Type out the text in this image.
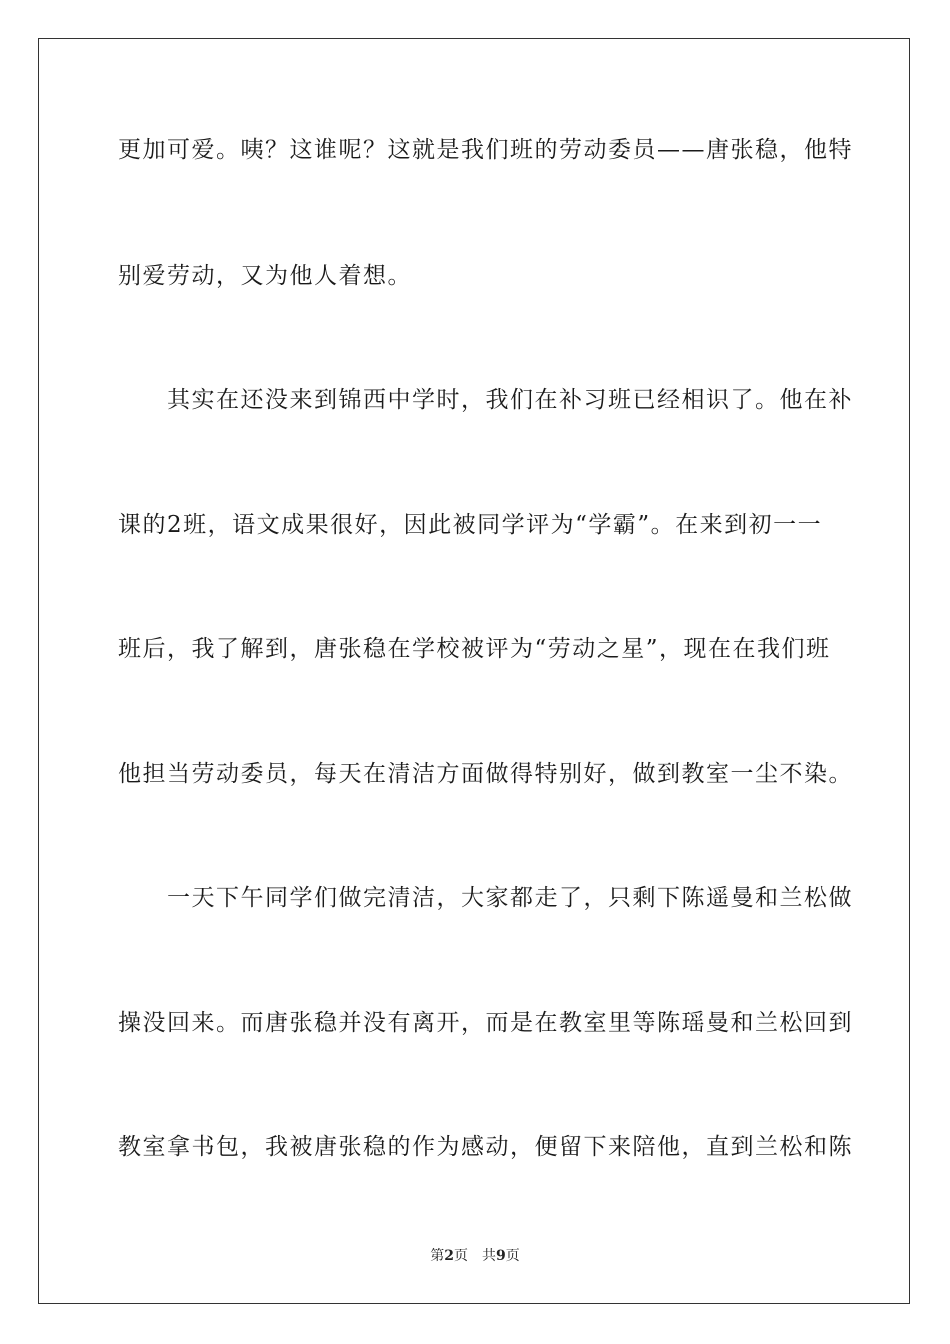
更加可爱。咦？这谁呢？这就是我们班的劳动委员——唐张稳，他特
别爱劳动，又为他人着想。
　　其实在还没来到锦西中学时，我们在补习班已经相识了。他在补
课的2班，语文成果很好，因此被同学评为“学霸”。在来到初一一
班后，我了解到，唐张稳在学校被评为“劳动之星”，现在在我们班
他担当劳动委员，每天在清洁方面做得特别好，做到教室一尘不染。
　　一天下午同学们做完清洁，大家都走了，只剩下陈遥曼和兰松做
操没回来。而唐张稳并没有离开，而是在教室里等陈瑶曼和兰松回到
教室拿书包，我被唐张稳的作为感动，便留下来陪他，直到兰松和陈
第2页 共9页
